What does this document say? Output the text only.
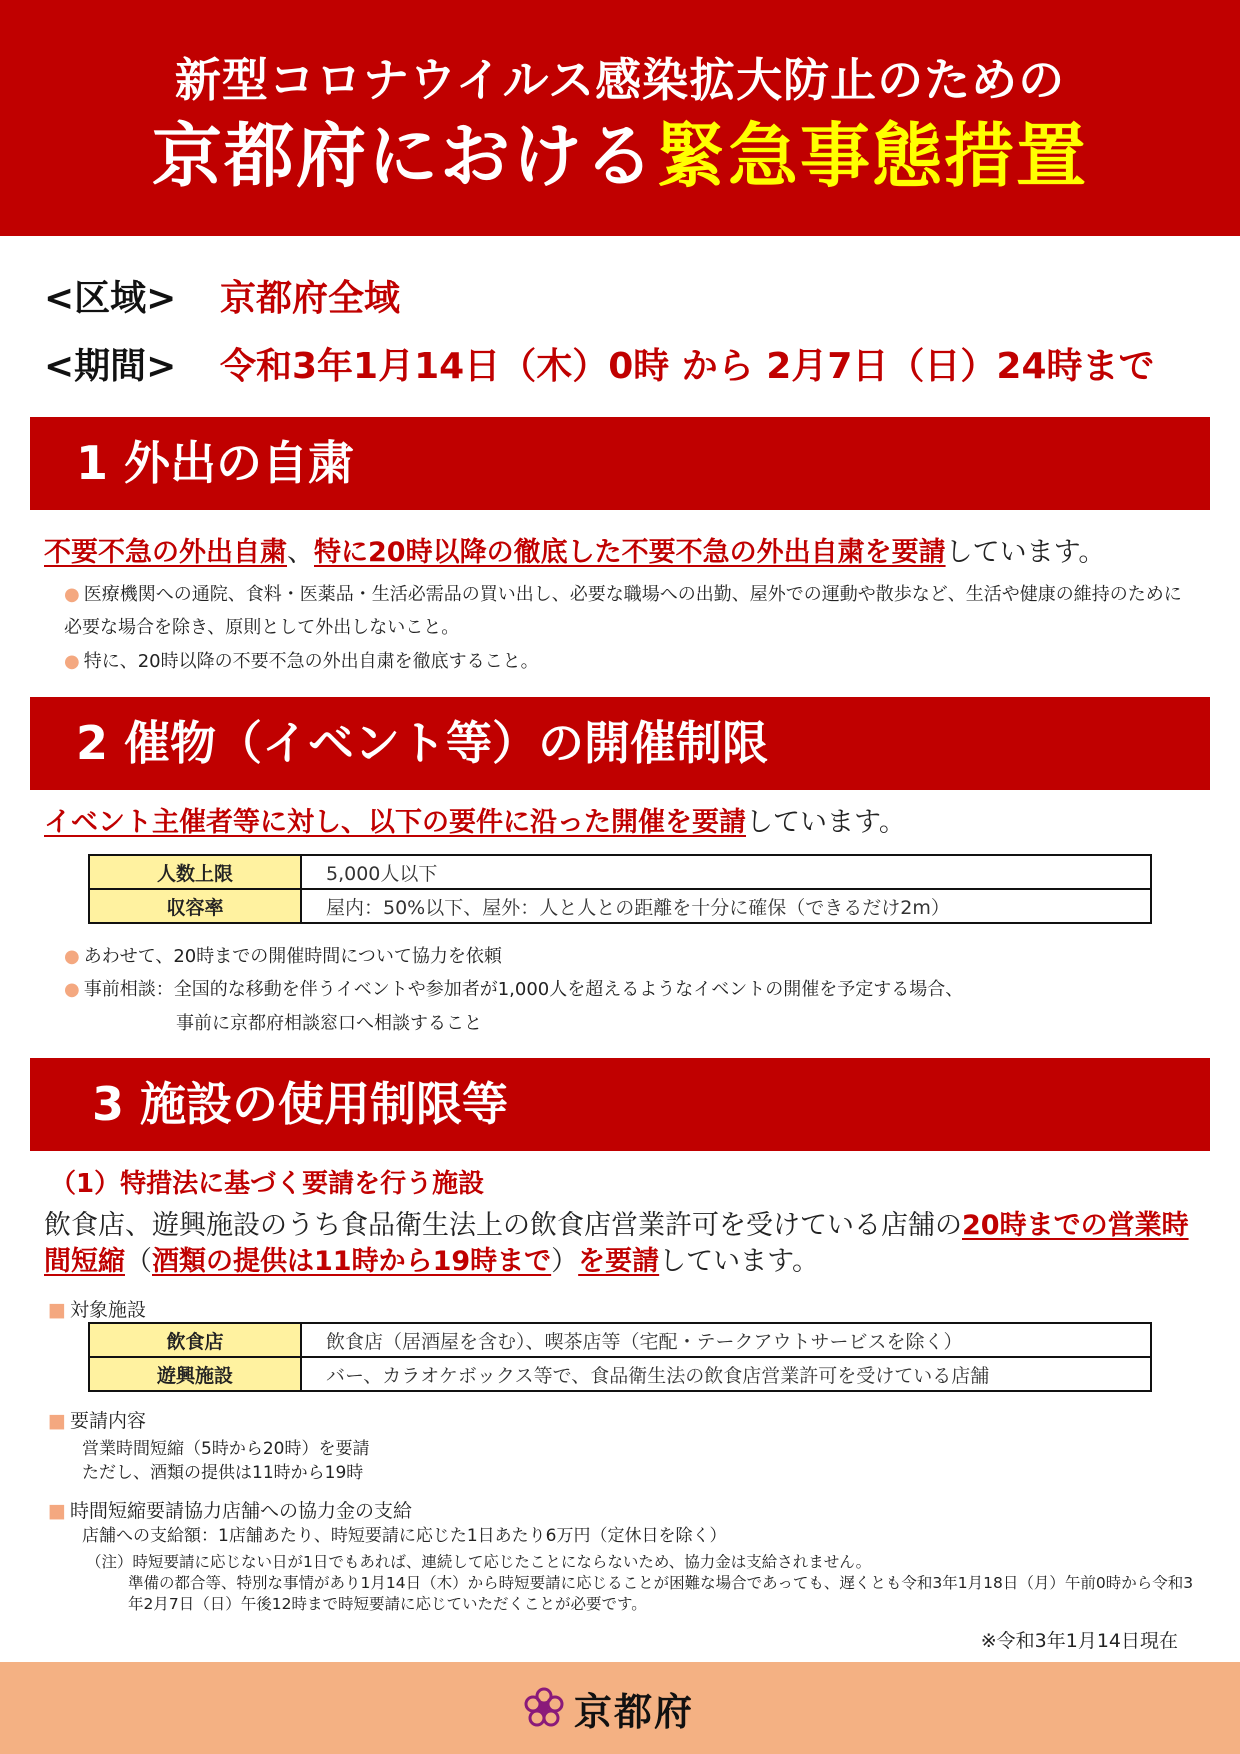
新型コロナウイルス感染拡大防止のための
京都府における緊急事態措置
<区域> 京都府全域
<期間> 令和3年1月14日（木）0時 から 2月7日（日）24時まで
1 外出の自粛
不要不急の外出自粛、特に20時以降の徹底した不要不急の外出自粛を要請しています。
● 医療機関への通院、食料・医薬品・生活必需品の買い出し、必要な職場への出勤、屋外での運動や散歩など、生活や健康の維持のために必要な場合を除き、原則として外出しないこと。
● 特に、20時以降の不要不急の外出自粛を徹底すること。
2 催物（イベント等）の開催制限
イベント主催者等に対し、以下の要件に沿った開催を要請しています。
人数上限	5,000人以下
収容率	屋内：50%以下、屋外：人と人との距離を十分に確保（できるだけ2m）
● あわせて、20時までの開催時間について協力を依頼
● 事前相談：全国的な移動を伴うイベントや参加者が1,000人を超えるようなイベントの開催を予定する場合、
事前に京都府相談窓口へ相談すること
3 施設の使用制限等
（1）特措法に基づく要請を行う施設
飲食店、遊興施設のうち食品衛生法上の飲食店営業許可を受けている店舗の20時までの営業時間短縮（酒類の提供は11時から19時まで）を要請しています。
■ 対象施設
飲食店	飲食店（居酒屋を含む）、喫茶店等（宅配・テークアウトサービスを除く）
遊興施設	バー、カラオケボックス等で、食品衛生法の飲食店営業許可を受けている店舗
■ 要請内容
営業時間短縮（5時から20時）を要請
ただし、酒類の提供は11時から19時
■ 時間短縮要請協力店舗への協力金の支給
店舗への支給額：1店舗あたり、時短要請に応じた1日あたり6万円（定休日を除く）
（注）時短要請に応じない日が1日でもあれば、連続して応じたことにならないため、協力金は支給されません。
準備の都合等、特別な事情があり1月14日（木）から時短要請に応じることが困難な場合であっても、遅くとも令和3年1月18日（月）午前0時から令和3年2月7日（日）午後12時まで時短要請に応じていただくことが必要です。
※令和3年1月14日現在
京都府
